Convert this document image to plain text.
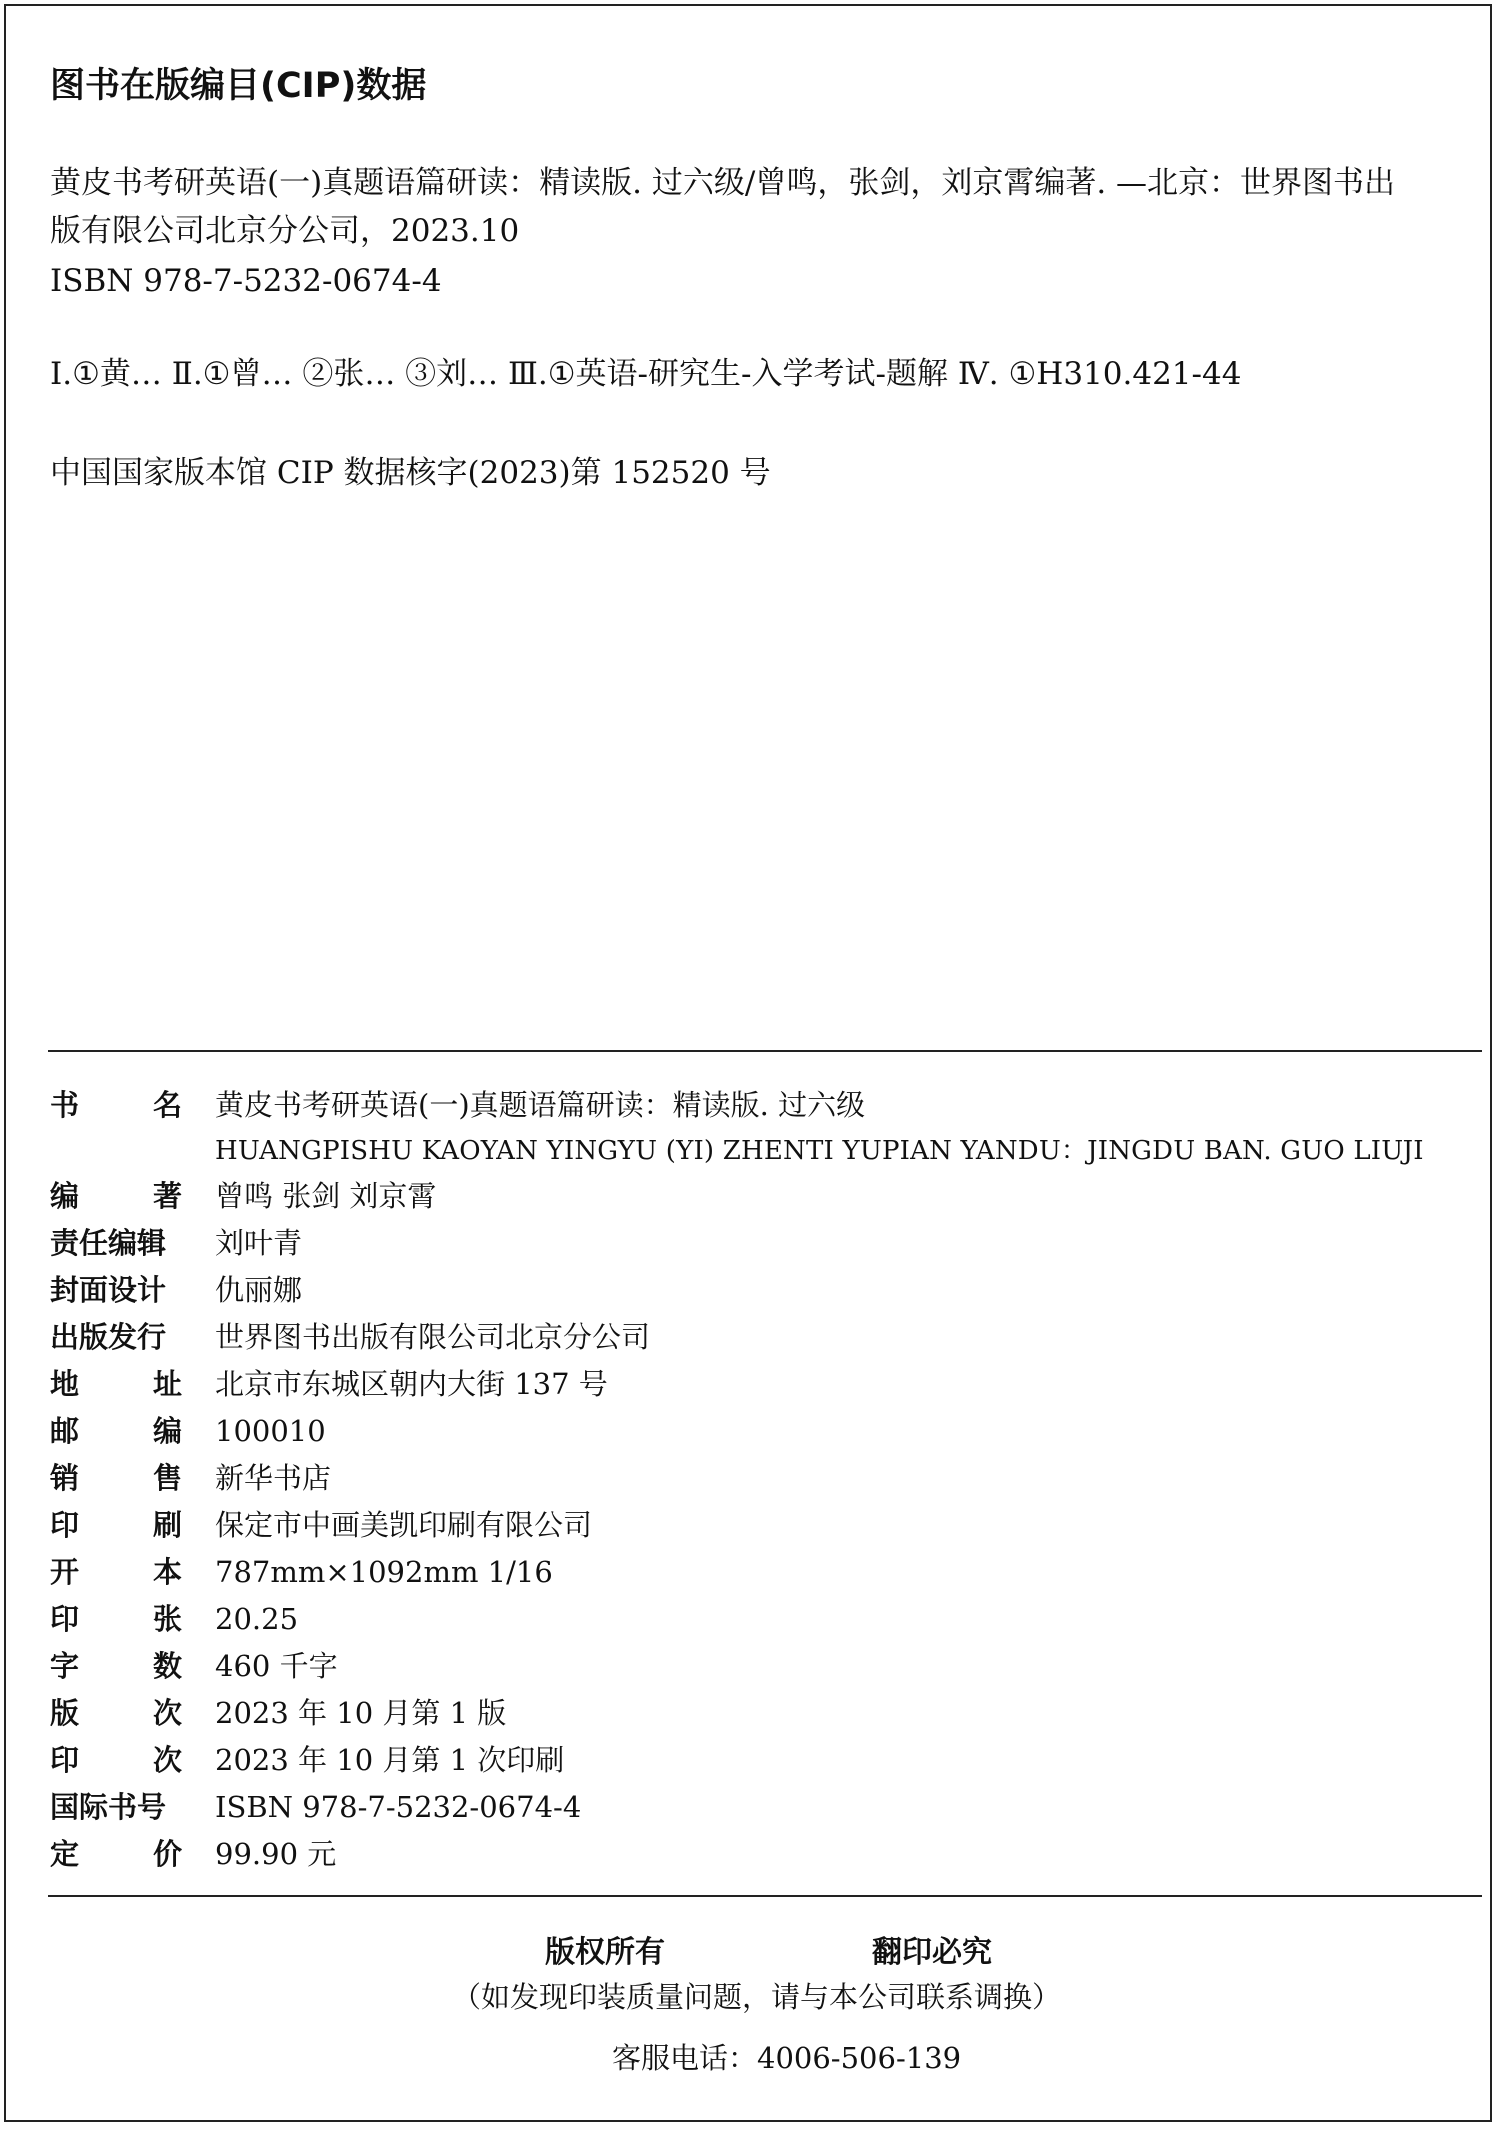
图书在版编目(CIP)数据
黄皮书考研英语(一)真题语篇研读：精读版. 过六级/曾鸣，张剑，刘京霄编著. —北京：世界图书出
版有限公司北京分公司，2023.10
ISBN 978-7-5232-0674-4
Ⅰ.①黄… Ⅱ.①曾… ②张… ③刘… Ⅲ.①英语-研究生-入学考试-题解 Ⅳ. ①H310.421-44
中国国家版本馆 CIP 数据核字(2023)第 152520 号
书	名 黄皮书考研英语(一)真题语篇研读：精读版. 过六级
HUANGPISHU KAOYAN YINGYU (YI) ZHENTI YUPIAN YANDU：JINGDU BAN. GUO LIUJI
编	著 曾鸣 张剑 刘京霄
责任编辑	刘叶青
封面设计	仇丽娜
出版发行	世界图书出版有限公司北京分公司
地	址 北京市东城区朝内大街 137 号
邮	编 100010
销	售 新华书店
印	刷 保定市中画美凯印刷有限公司
开	本 787mm×1092mm 1/16
印	张 20.25
字	数 460 千字
版	次 2023 年 10 月第 1 版
印	次 2023 年 10 月第 1 次印刷
国际书号	ISBN 978-7-5232-0674-4
定	价 99.90 元
版权所有	翻印必究
（如发现印装质量问题，请与本公司联系调换）
客服电话：4006-506-139
